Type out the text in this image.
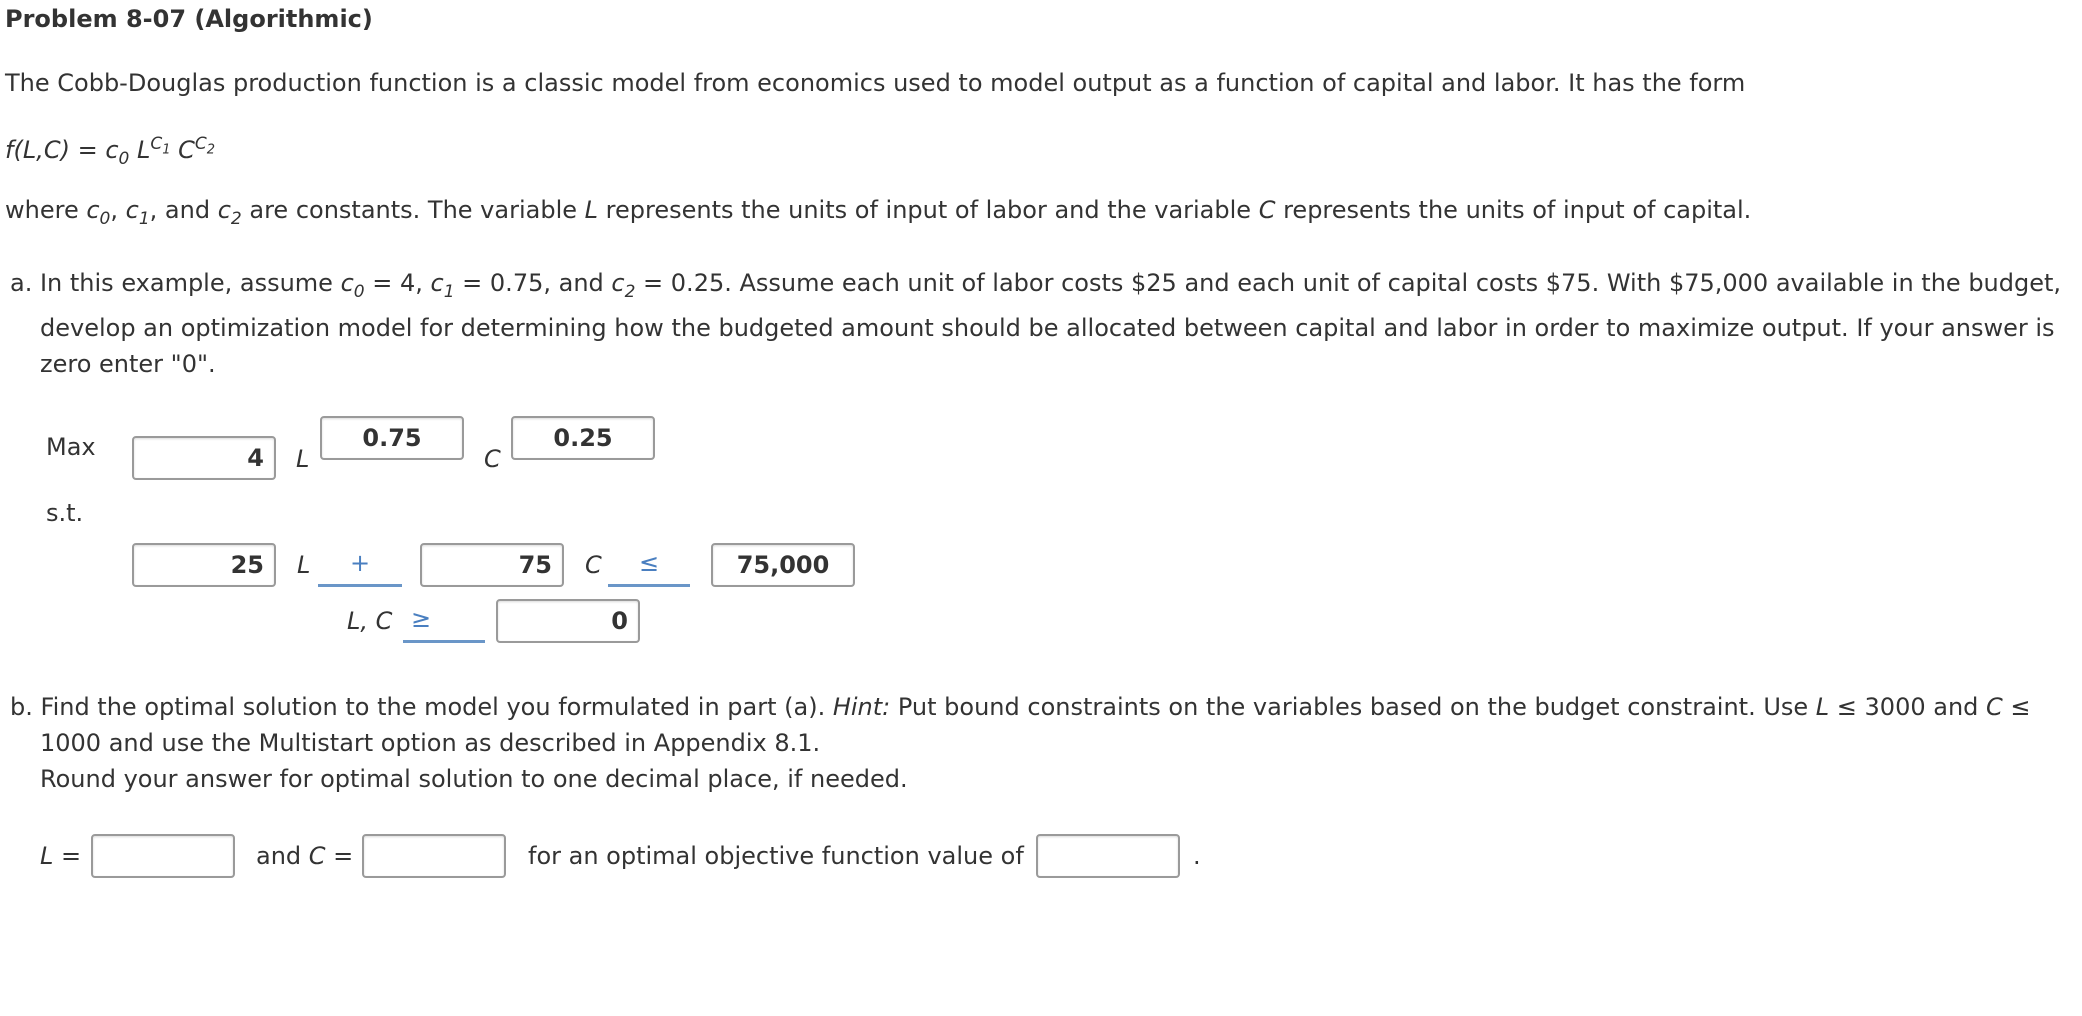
Problem 8-07 (Algorithmic)
The Cobb-Douglas production function is a classic model from economics used to model output as a function of capital and labor. It has the form
$f(L,C) = c_0$ $L^{C_1}$ $C^{C_2}$
where $c_0$, $c_1$, and $c_2$ are constants. The variable L represents the units of input of labor and the variable C represents the units of input of capital.
a. In this example, assume $c_0 = 4$, $c_1 = 0.75$, and $c_2 = 0.25$. Assume each unit of labor costs $25 and each unit of capital costs $75. With $75,000 available in the budget, develop an optimization model for determining how the budgeted amount should be allocated between capital and labor in order to maximize output. If your answer is zero enter "0".
Max	4	L
0.75
C
0.25
s.t.
25	L	+	75	C	≤	75,000
L, C ≥	0
b. Find the optimal solution to the model you formulated in part (a). Hint: Put bound constraints on the variables based on the budget constraint. Use L ≤ 3000 and C ≤ 1000 and use the Multistart option as described in Appendix 8.1.
Round your answer for optimal solution to one decimal place, if needed.
L =	and C =	for an optimal objective function value of	.
